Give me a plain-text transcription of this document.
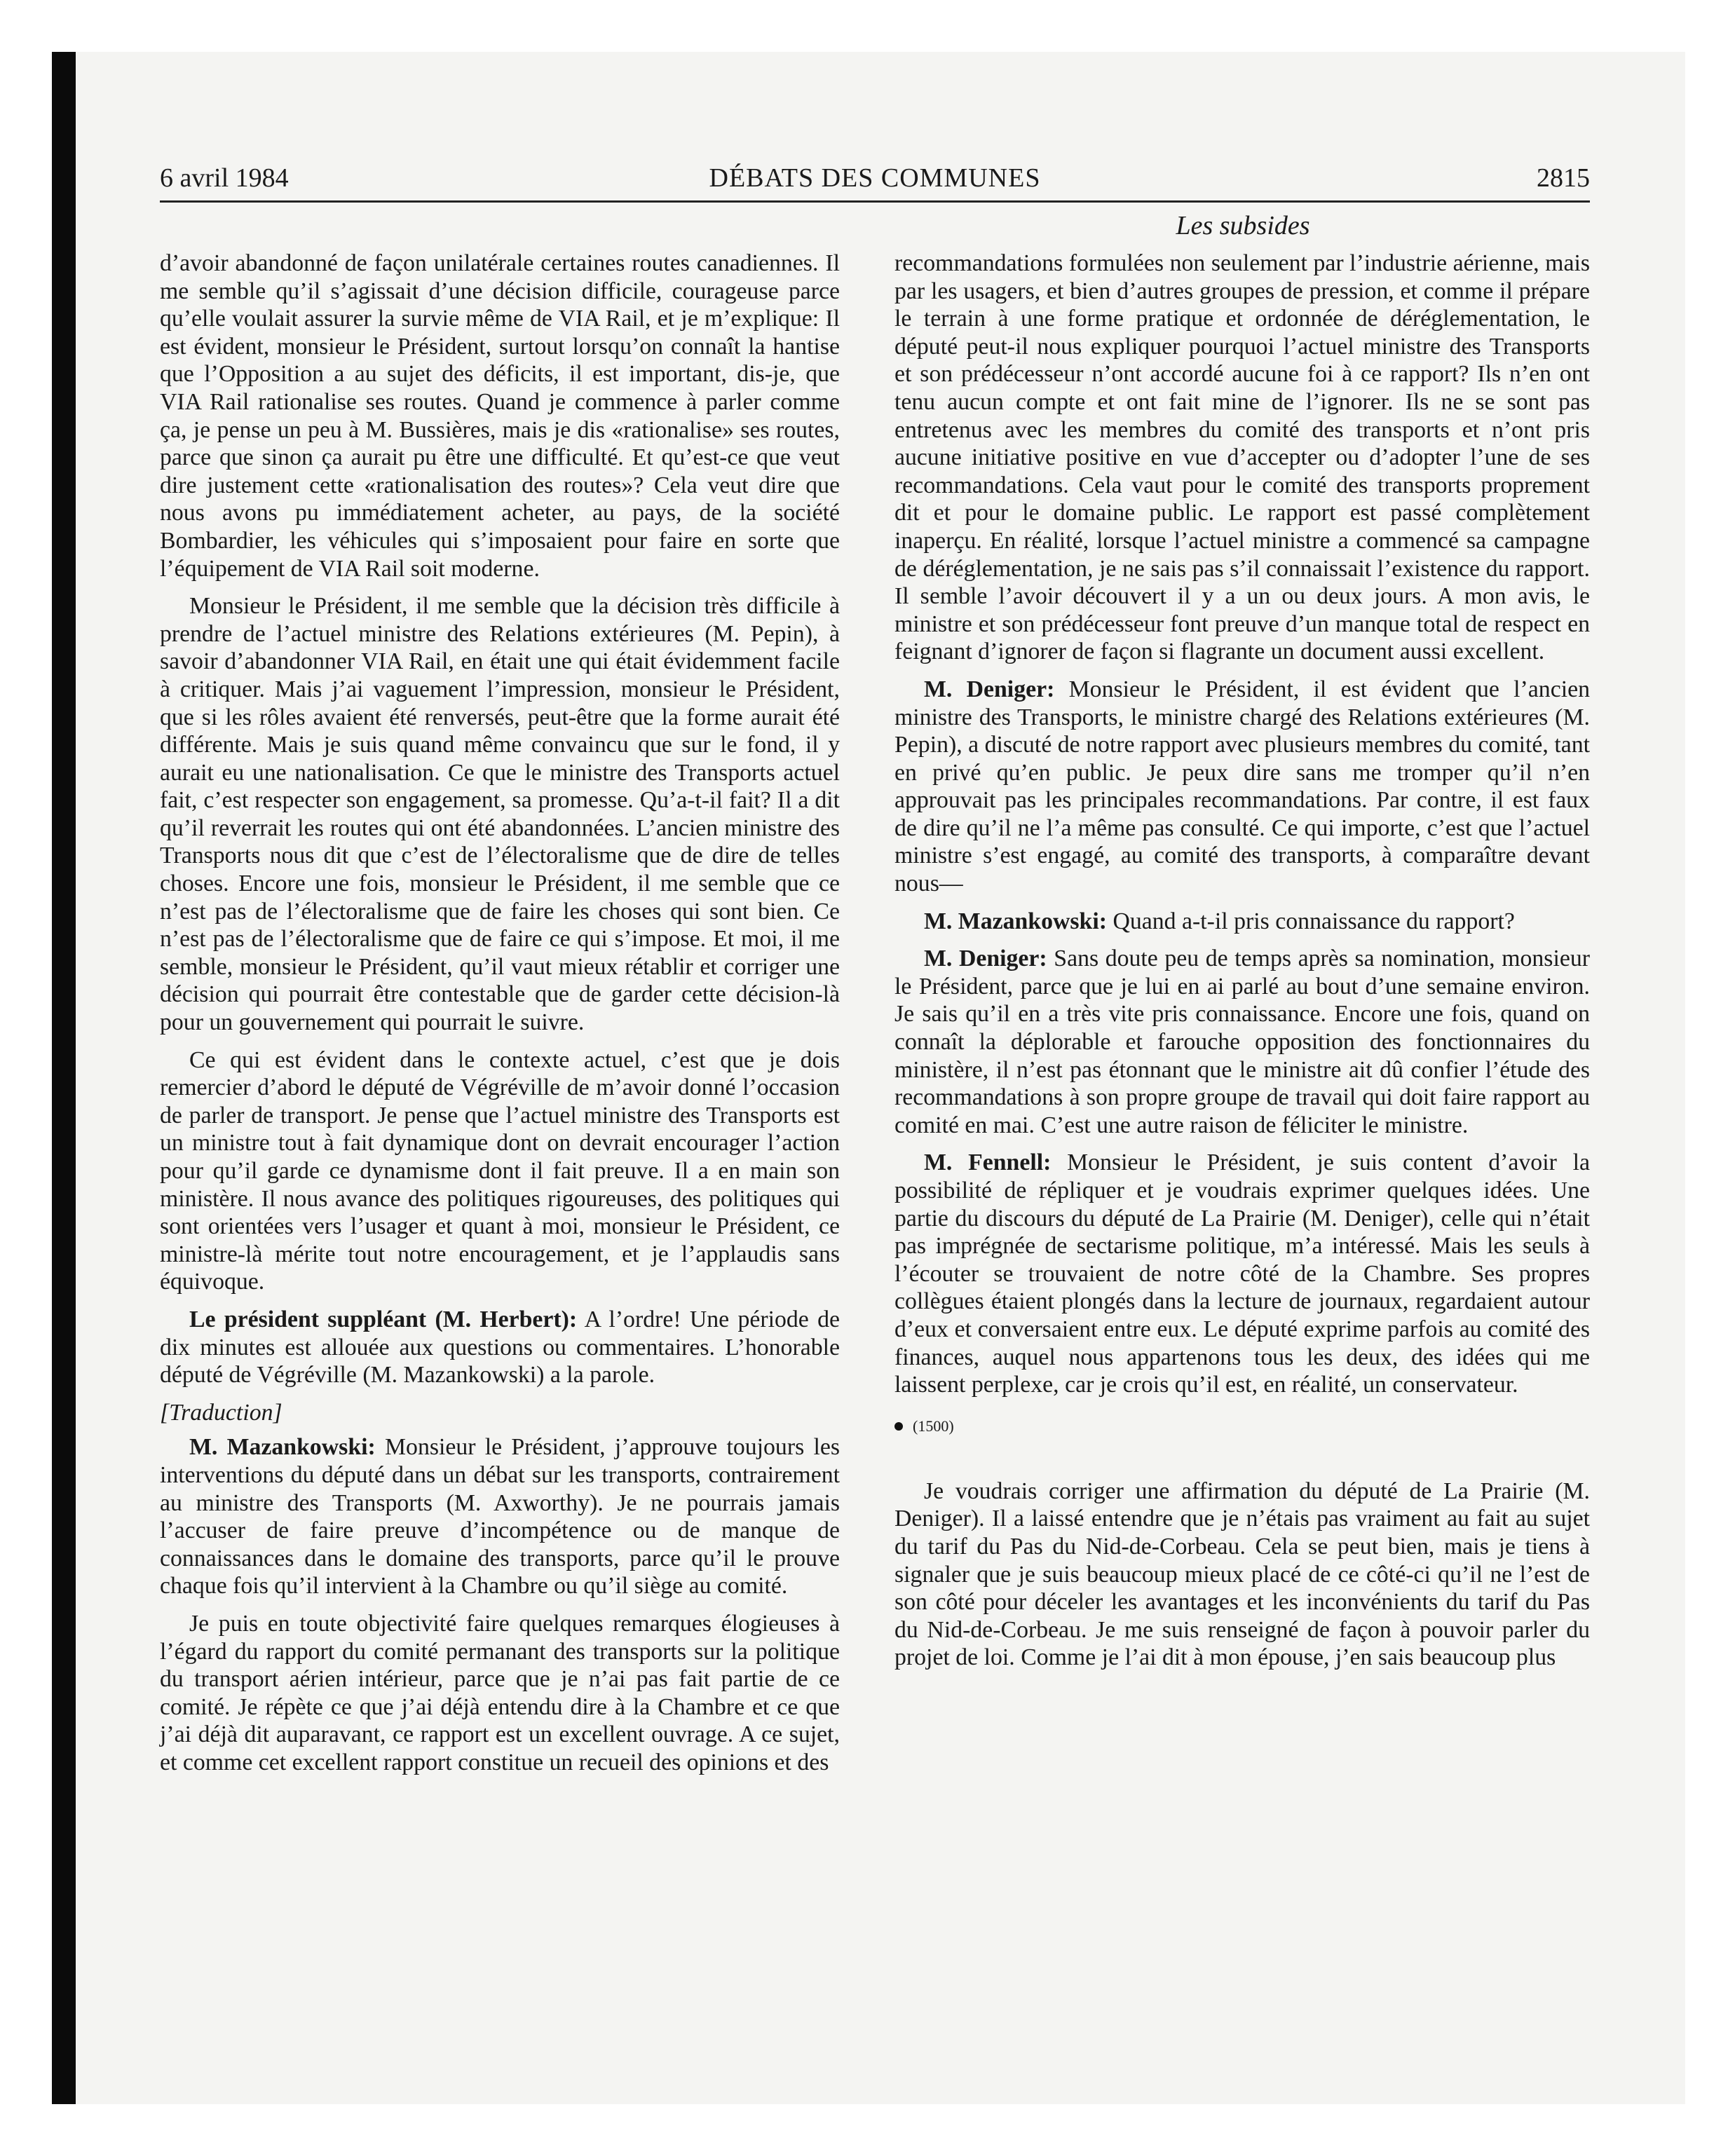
6 avril 1984	DÉBATS DES COMMUNES	2815
Les subsides

d’avoir abandonné de façon unilatérale certaines routes canadiennes. Il me semble qu’il s’agissait d’une décision difficile, courageuse parce qu’elle voulait assurer la survie même de VIA Rail, et je m’explique: Il est évident, monsieur le Président, surtout lorsqu’on connaît la hantise que l’Opposition a au sujet des déficits, il est important, dis-je, que VIA Rail rationalise ses routes. Quand je commence à parler comme ça, je pense un peu à M. Bussières, mais je dis «rationalise» ses routes, parce que sinon ça aurait pu être une difficulté. Et qu’est-ce que veut dire justement cette «rationalisation des routes»? Cela veut dire que nous avons pu immédiatement acheter, au pays, de la société Bombardier, les véhicules qui s’imposaient pour faire en sorte que l’équipement de VIA Rail soit moderne.

Monsieur le Président, il me semble que la décision très difficile à prendre de l’actuel ministre des Relations extérieures (M. Pepin), à savoir d’abandonner VIA Rail, en était une qui était évidemment facile à critiquer. Mais j’ai vaguement l’impression, monsieur le Président, que si les rôles avaient été renversés, peut-être que la forme aurait été différente. Mais je suis quand même convaincu que sur le fond, il y aurait eu une nationalisation. Ce que le ministre des Transports actuel fait, c’est respecter son engagement, sa promesse. Qu’a-t-il fait? Il a dit qu’il reverrait les routes qui ont été abandonnées. L’ancien ministre des Transports nous dit que c’est de l’électoralisme que de dire de telles choses. Encore une fois, monsieur le Président, il me semble que ce n’est pas de l’électoralisme que de faire les choses qui sont bien. Ce n’est pas de l’électoralisme que de faire ce qui s’impose. Et moi, il me semble, monsieur le Président, qu’il vaut mieux rétablir et corriger une décision qui pourrait être contestable que de garder cette décision-là pour un gouvernement qui pourrait le suivre.

Ce qui est évident dans le contexte actuel, c’est que je dois remercier d’abord le député de Végréville de m’avoir donné l’occasion de parler de transport. Je pense que l’actuel ministre des Transports est un ministre tout à fait dynamique dont on devrait encourager l’action pour qu’il garde ce dynamisme dont il fait preuve. Il a en main son ministère. Il nous avance des politiques rigoureuses, des politiques qui sont orientées vers l’usager et quant à moi, monsieur le Président, ce ministre-là mérite tout notre encouragement, et je l’applaudis sans équivoque.

Le président suppléant (M. Herbert): A l’ordre! Une période de dix minutes est allouée aux questions ou commentaires. L’honorable député de Végréville (M. Mazankowski) a la parole.

[Traduction]

M. Mazankowski: Monsieur le Président, j’approuve toujours les interventions du député dans un débat sur les transports, contrairement au ministre des Transports (M. Axworthy). Je ne pourrais jamais l’accuser de faire preuve d’incompétence ou de manque de connaissances dans le domaine des transports, parce qu’il le prouve chaque fois qu’il intervient à la Chambre ou qu’il siège au comité.

Je puis en toute objectivité faire quelques remarques élogieuses à l’égard du rapport du comité permanant des transports sur la politique du transport aérien intérieur, parce que je n’ai pas fait partie de ce comité. Je répète ce que j’ai déjà entendu dire à la Chambre et ce que j’ai déjà dit auparavant, ce rapport est un excellent ouvrage. A ce sujet, et comme cet excellent rapport constitue un recueil des opinions et des

recommandations formulées non seulement par l’industrie aérienne, mais par les usagers, et bien d’autres groupes de pression, et comme il prépare le terrain à une forme pratique et ordonnée de déréglementation, le député peut-il nous expliquer pourquoi l’actuel ministre des Transports et son prédécesseur n’ont accordé aucune foi à ce rapport? Ils n’en ont tenu aucun compte et ont fait mine de l’ignorer. Ils ne se sont pas entretenus avec les membres du comité des transports et n’ont pris aucune initiative positive en vue d’accepter ou d’adopter l’une de ses recommandations. Cela vaut pour le comité des transports proprement dit et pour le domaine public. Le rapport est passé complètement inaperçu. En réalité, lorsque l’actuel ministre a commencé sa campagne de déréglementation, je ne sais pas s’il connaissait l’existence du rapport. Il semble l’avoir découvert il y a un ou deux jours. A mon avis, le ministre et son prédécesseur font preuve d’un manque total de respect en feignant d’ignorer de façon si flagrante un document aussi excellent.

M. Deniger: Monsieur le Président, il est évident que l’ancien ministre des Transports, le ministre chargé des Relations extérieures (M. Pepin), a discuté de notre rapport avec plusieurs membres du comité, tant en privé qu’en public. Je peux dire sans me tromper qu’il n’en approuvait pas les principales recommandations. Par contre, il est faux de dire qu’il ne l’a même pas consulté. Ce qui importe, c’est que l’actuel ministre s’est engagé, au comité des transports, à comparaître devant nous—

M. Mazankowski: Quand a-t-il pris connaissance du rapport?

M. Deniger: Sans doute peu de temps après sa nomination, monsieur le Président, parce que je lui en ai parlé au bout d’une semaine environ. Je sais qu’il en a très vite pris connaissance. Encore une fois, quand on connaît la déplorable et farouche opposition des fonctionnaires du ministère, il n’est pas étonnant que le ministre ait dû confier l’étude des recommandations à son propre groupe de travail qui doit faire rapport au comité en mai. C’est une autre raison de féliciter le ministre.

M. Fennell: Monsieur le Président, je suis content d’avoir la possibilité de répliquer et je voudrais exprimer quelques idées. Une partie du discours du député de La Prairie (M. Deniger), celle qui n’était pas imprégnée de sectarisme politique, m’a intéressé. Mais les seuls à l’écouter se trouvaient de notre côté de la Chambre. Ses propres collègues étaient plongés dans la lecture de journaux, regardaient autour d’eux et conversaient entre eux. Le député exprime parfois au comité des finances, auquel nous appartenons tous les deux, des idées qui me laissent perplexe, car je crois qu’il est, en réalité, un conservateur.

(1500)

Je voudrais corriger une affirmation du député de La Prairie (M. Deniger). Il a laissé entendre que je n’étais pas vraiment au fait au sujet du tarif du Pas du Nid-de-Corbeau. Cela se peut bien, mais je tiens à signaler que je suis beaucoup mieux placé de ce côté-ci qu’il ne l’est de son côté pour déceler les avantages et les inconvénients du tarif du Pas du Nid-de-Corbeau. Je me suis renseigné de façon à pouvoir parler du projet de loi. Comme je l’ai dit à mon épouse, j’en sais beaucoup plus
